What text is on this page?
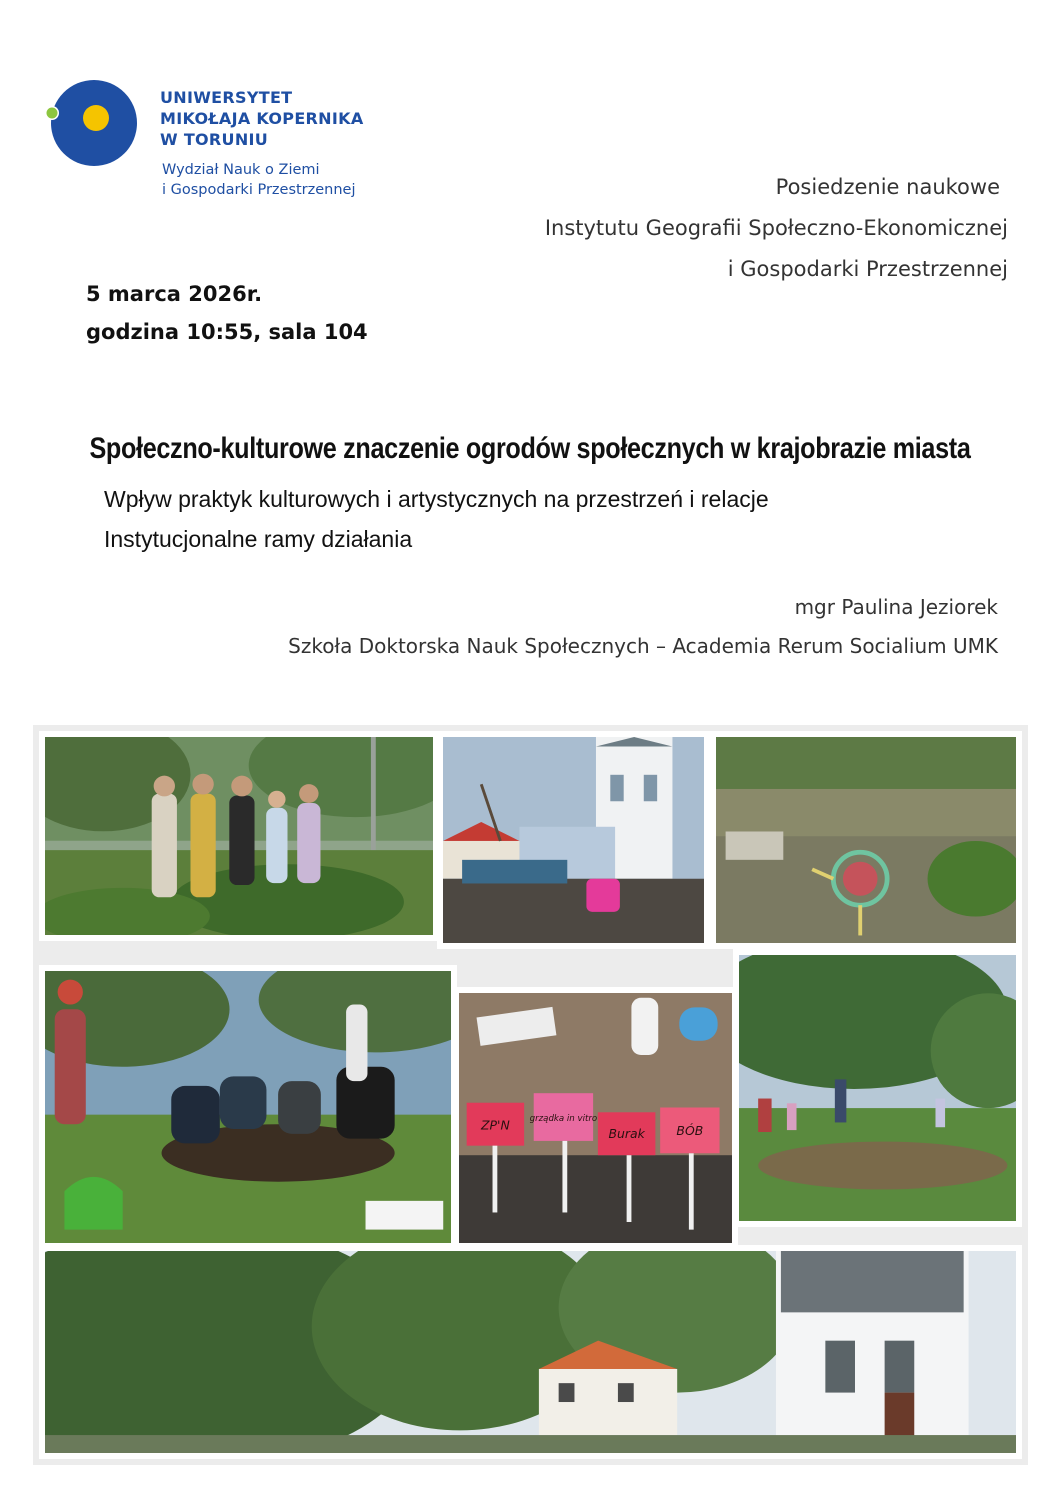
UNIWERSYTET
MIKOŁAJA KOPERNIKA
W TORUNIU
Wydział Nauk o Ziemi
i Gospodarki Przestrzennej	Posiedzenie naukowe
Instytutu Geografii Społeczno-Ekonomicznej
i Gospodarki Przestrzennej
5 marca 2026r.
godzina 10:55, sala 104
Społeczno-kulturowe znaczenie ogrodów społecznych w krajobrazie miasta
Wpływ praktyk kulturowych i artystycznych na przestrzeń i relacje
Instytucjonalne ramy działania
mgr Paulina Jeziorek
Szkoła Doktorska Nauk Społecznych – Academia Rerum Socialium UMK
ZP'N grządka in vitro
Burak BÓB
